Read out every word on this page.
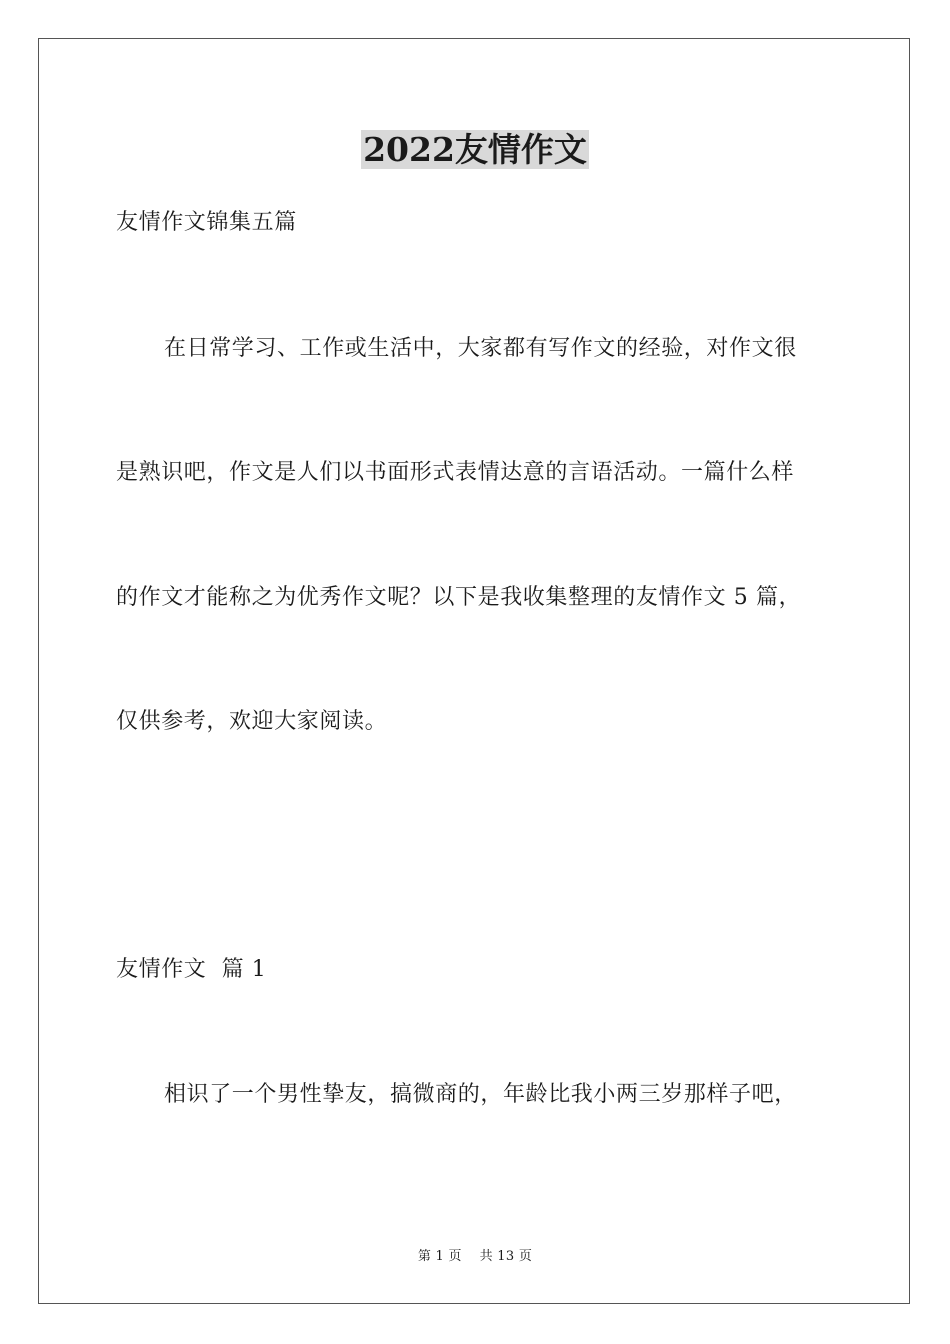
2022友情作文
友情作文锦集五篇
在日常学习、工作或生活中，大家都有写作文的经验，对作文很
是熟识吧，作文是人们以书面形式表情达意的言语活动。一篇什么样
的作文才能称之为优秀作文呢？以下是我收集整理的友情作文 5 篇，
仅供参考，欢迎大家阅读。
友情作文  篇 1
相识了一个男性挚友，搞微商的，年龄比我小两三岁那样子吧，
第 1 页    共 13 页
